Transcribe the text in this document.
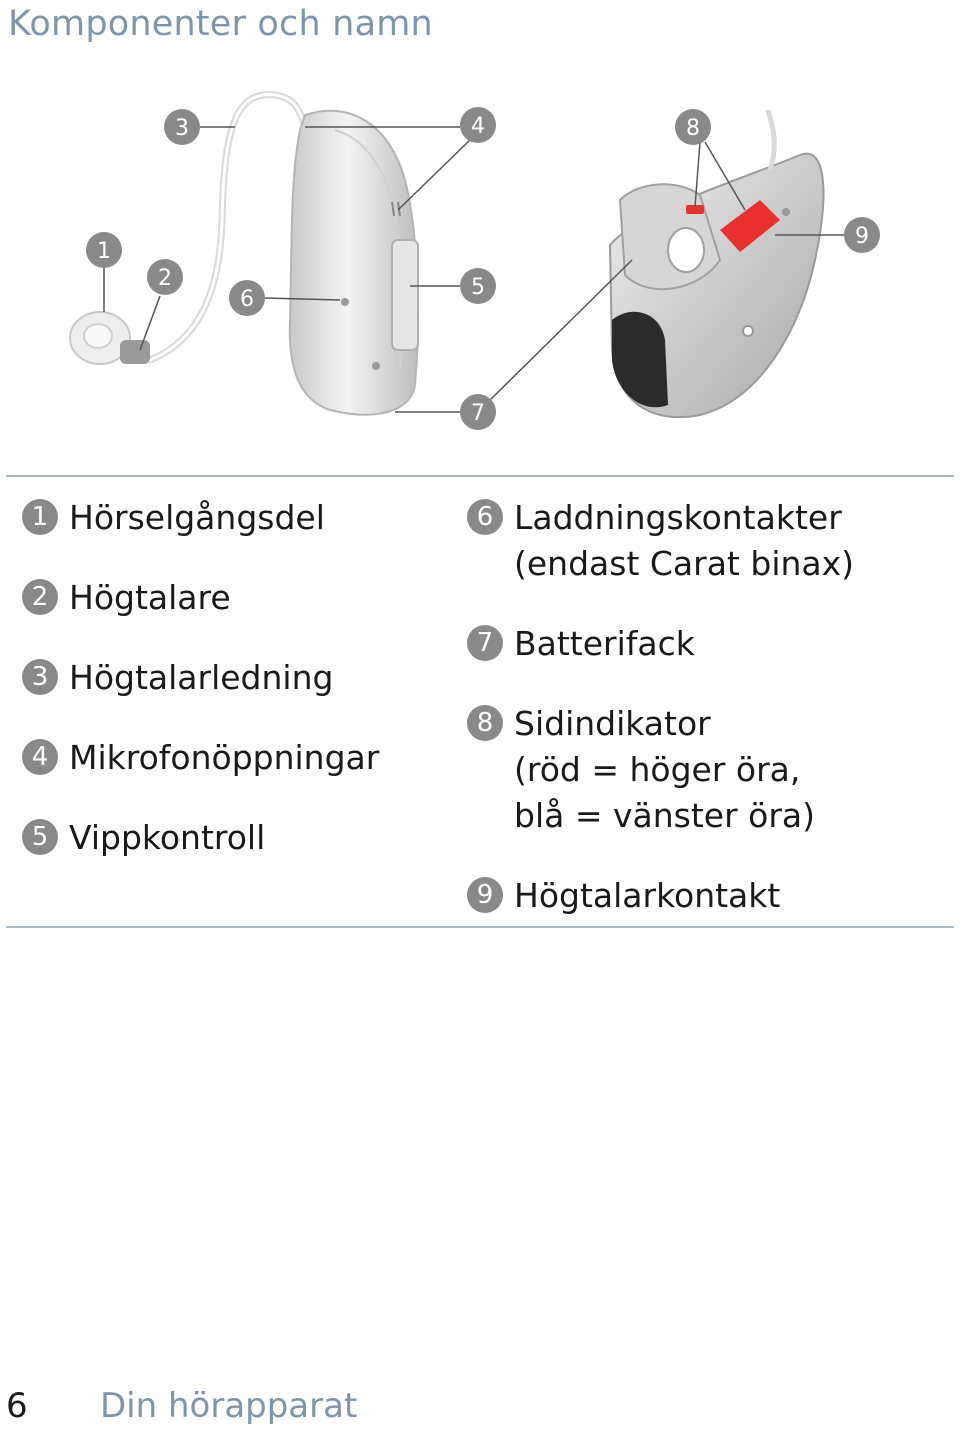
Komponenter och namn
1
2
3	4
5
6
7
8
9
1 Hörselgångsdel
2 Högtalare
3 Högtalarledning
4 Mikrofonöppningar
5 Vippkontroll
6 Laddningskontakter
(endast Carat binax)
7 Batterifack
8 Sidindikator
(röd = höger öra,
blå = vänster öra)
9 Högtalarkontakt
6 Din hörapparat
